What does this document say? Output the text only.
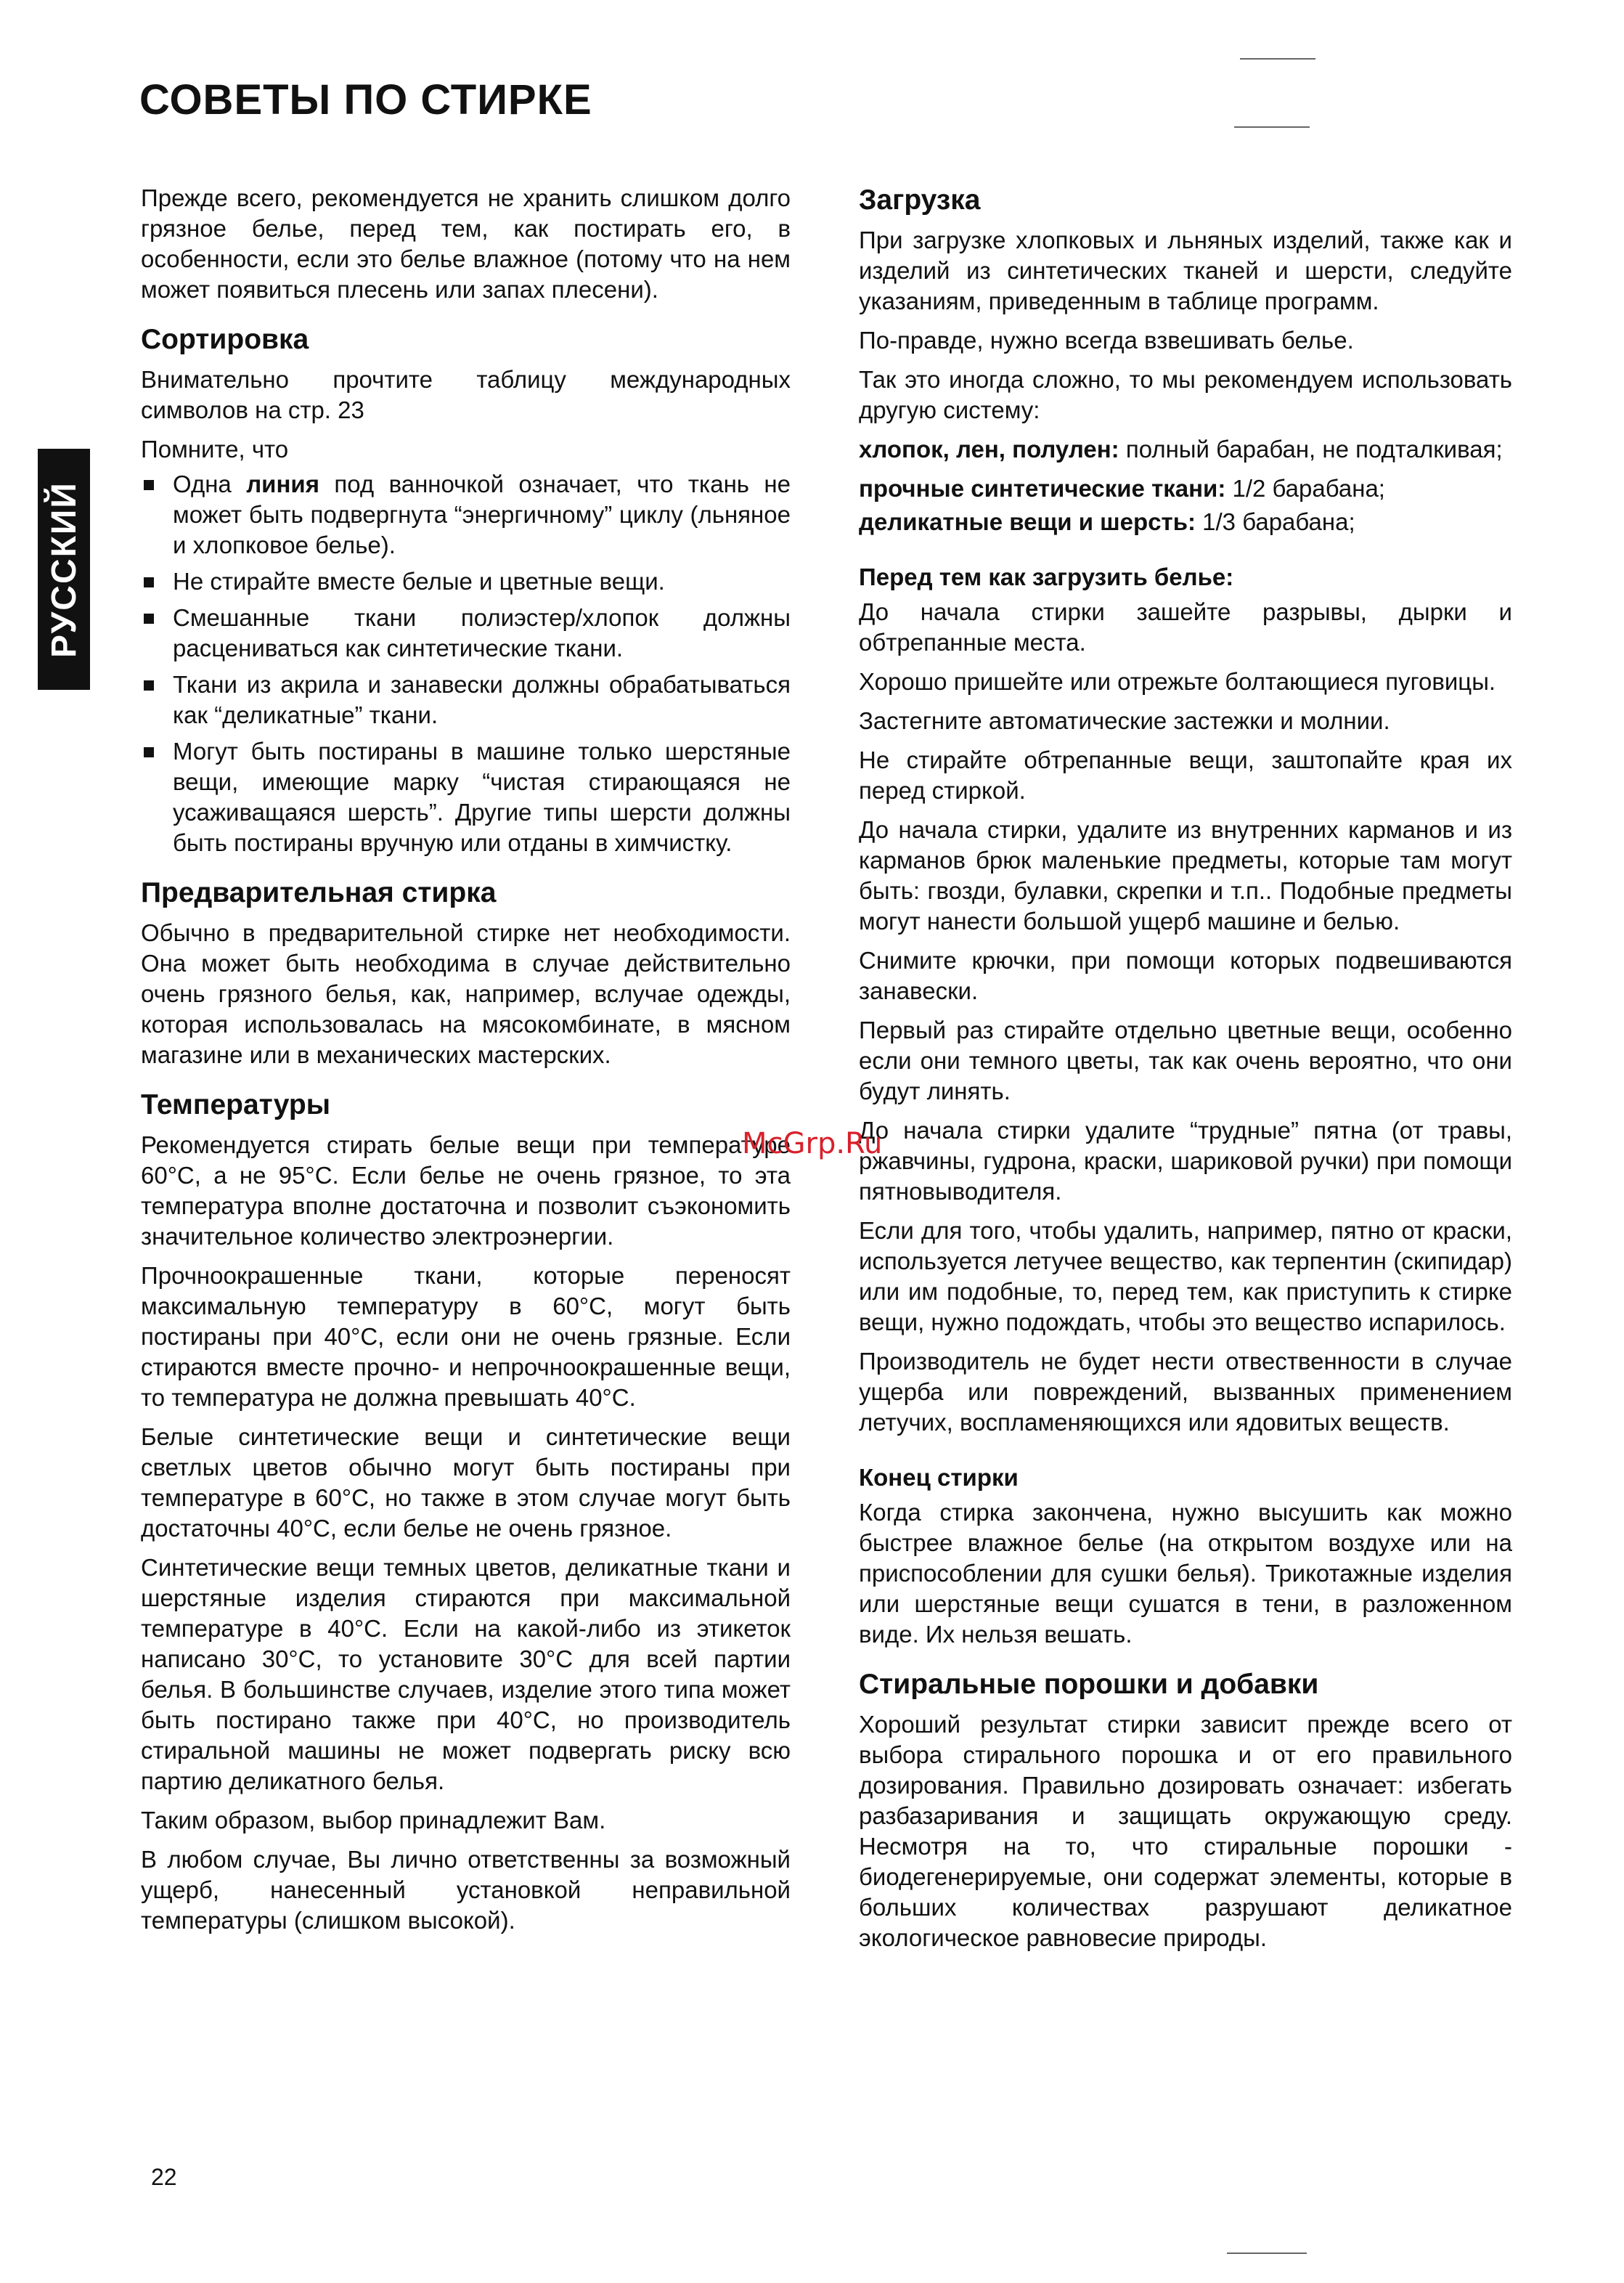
СОВЕТЫ ПО СТИРКЕ
РУССКИЙ

Прежде всего, рекомендуется не хранить слишком долго грязное белье, перед тем, как постирать его, в особенности, если это белье влажное (потому что на нем может появиться плесень или запах плесени).

Сортировка

Внимательно прочтите таблицу международных символов на стр. 23

Помните, что

Одна линия под ванночкой означает, что ткань не может быть подвергнута “энергичному” циклу (льняное и хлопковое белье).
Не стирайте вместе белые и цветные вещи.
Смешанные ткани полиэстер/хлопок должны расцениваться как синтетические ткани.
Ткани из акрила и занавески должны обрабатываться как “деликатные” ткани.
Могут быть постираны в машине только шерстяные вещи, имеющие марку “чистая стирающаяся не усаживащаяся шерсть”. Другие типы шерсти должны быть постираны вручную или отданы в химчистку.
Предварительная стирка

Обычно в предварительной стирке нет необходимости. Она может быть необходима в случае действительно очень грязного белья, как, например, вслучае одежды, которая использовалась на мясокомбинате, в мясном магазине или в механических мастерских.

Температуры

Рекомендуется стирать белые вещи при температуре 60°C, а не 95°C. Если белье не очень грязное, то эта температура вполне достаточна и позволит съэкономить значительное количество электроэнергии.

Прочноокрашенные ткани, которые переносят максимальную температуру в 60°C, могут быть постираны при 40°C, если они не очень грязные. Если стираются вместе прочно- и непрочноокрашенные вещи, то температура не должна превышать 40°C.

Белые синтетические вещи и синтетические вещи светлых цветов обычно могут быть постираны при температуре в 60°C, но также в этом случае могут быть достаточны 40°C, если белье не очень грязное.

Синтетические вещи темных цветов, деликатные ткани и шерстяные изделия стираются при максимальной температуре в 40°C. Если на какой-либо из этикеток написано 30°C, то установите 30°C для всей партии белья. В большинстве случаев, изделие этого типа может быть постирано также при 40°C, но производитель стиральной машины не может подвергать риску всю партию деликатного белья.

Таким образом, выбор принадлежит Вам.

В любом случае, Вы лично ответственны за возможный ущерб, нанесенный установкой неправильной температуры (слишком высокой).

Загрузка

При загрузке хлопковых и льняных изделий, также как и изделий из синтетических тканей и шерсти, следуйте указаниям, приведенным в таблице программ.

По-правде, нужно всегда взвешивать белье.

Так это иногда сложно, то мы рекомендуем использовать другую систему:

хлопок, лен, полулен: полный барабан, не подталкивая;

прочные синтетические ткани: 1/2 барабана;

деликатные вещи и шерсть: 1/3 барабана;

Перед тем как загрузить белье:

До начала стирки зашейте разрывы, дырки и обтрепанные места.

Хорошо пришейте или отрежьте болтающиеся пуговицы.

Застегните автоматические застежки и молнии.

Не стирайте обтрепанные вещи, заштопайте края их перед стиркой.

До начала стирки, удалите из внутренних карманов и из карманов брюк маленькие предметы, которые там могут быть: гвозди, булавки, скрепки и т.п.. Подобные предметы могут нанести большой ущерб машине и белью.

Снимите крючки, при помощи которых подвешиваются занавески.

Первый раз стирайте отдельно цветные вещи, особенно если они темного цветы, так как очень вероятно, что они будут линять.

До начала стирки удалите “трудные” пятна (от травы, ржавчины, гудрона, краски, шариковой ручки) при помощи пятновыводителя.

Если для того, чтобы удалить, например, пятно от краски, используется летучее вещество, как терпентин (скипидар) или им подобные, то, перед тем, как приступить к стирке вещи, нужно подождать, чтобы это вещество испарилось.

Производитель не будет нести отвественности в случае ущерба или повреждений, вызванных применением летучих, воспламеняющихся или ядовитых веществ.

Конец стирки

Когда стирка закончена, нужно высушить как можно быстрее влажное белье (на открытом воздухе или на приспособлении для сушки белья). Трикотажные изделия или шерстяные вещи сушатся в тени, в разложенном виде. Их нельзя вешать.

Стиральные порошки и добавки

Хороший результат стирки зависит прежде всего от выбора стирального порошка и от его правильного дозирования. Правильно дозировать означает: избегать разбазаривания и защищать окружающую среду. Несмотря на то, что стиральные порошки - биодегенерируемые, они содержат элементы, которые в больших количествах разрушают деликатное экологическое равновесие природы.

McGrp.Ru
22
